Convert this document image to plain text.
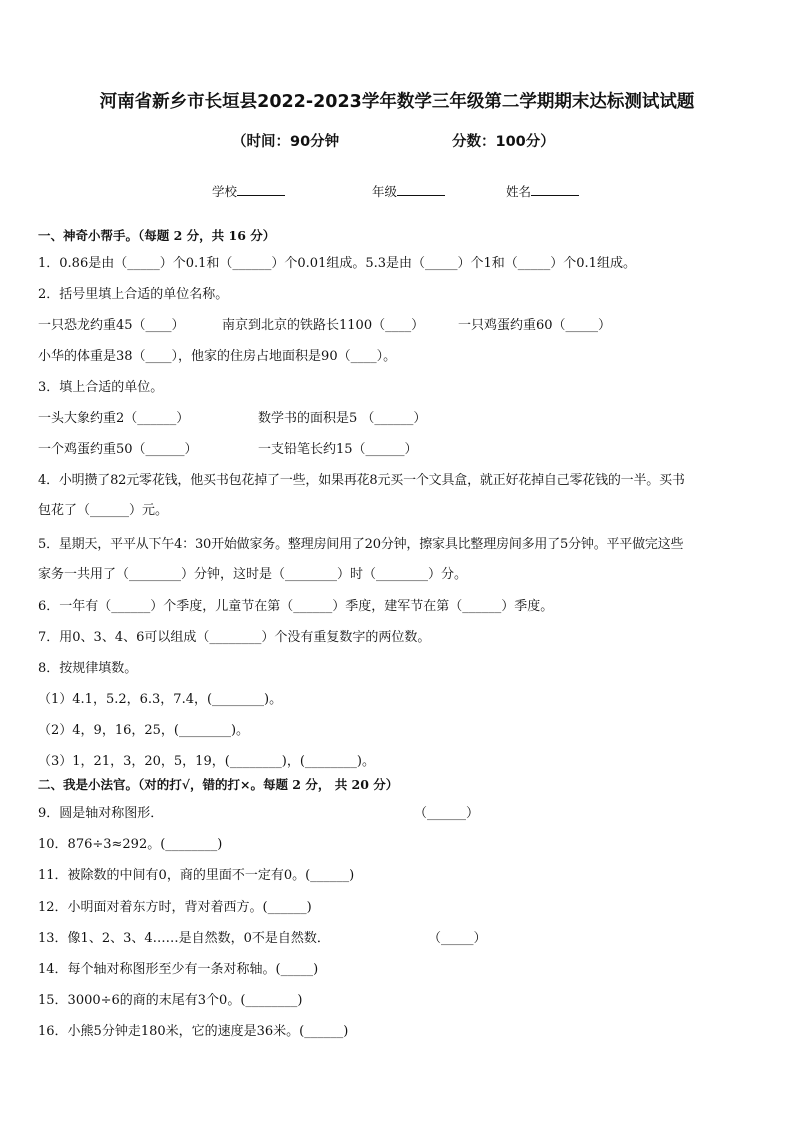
河南省新乡市长垣县2022-2023学年数学三年级第二学期期末达标测试试题
（时间：90分钟	分数：100分）
学校	年级	姓名
一、神奇小帮手。（每题 2 分，共 16 分）
1．0.86是由（_____）个0.1和（______）个0.01组成。5.3是由（_____）个1和（_____）个0.1组成。
2．括号里填上合适的单位名称。
一只恐龙约重45（____）	南京到北京的铁路长1100（____）	一只鸡蛋约重60（_____）
小华的体重是38（____），他家的住房占地面积是90（____）。
3．填上合适的单位。
一头大象约重2（______）	数学书的面积是5 （______）
一个鸡蛋约重50（______）	一支铅笔长约15（______）
4．小明攒了82元零花钱，他买书包花掉了一些，如果再花8元买一个文具盒，就正好花掉自己零花钱的一半。买书
包花了（______）元。
5．星期天，平平从下午4：30开始做家务。整理房间用了20分钟，擦家具比整理房间多用了5分钟。平平做完这些
家务一共用了（________）分钟，这时是（________）时（________）分。
6．一年有（______）个季度，儿童节在第（______）季度，建军节在第（______）季度。
7．用0、3、4、6可以组成（________）个没有重复数字的两位数。
8．按规律填数。
（1）4.1，5.2，6.3，7.4，(________)。
（2）4，9，16，25，(________)。
（3）1，21，3，20，5，19，(________)，(________)。
二、我是小法官。（对的打√，错的打×。每题 2 分， 共 20 分）
9．圆是轴对称图形．	（______）
10．876÷3≈292。(________)
11．被除数的中间有0，商的里面不一定有0。(______)
12．小明面对着东方时，背对着西方。(______)
13．像1、2、3、4……是自然数，0不是自然数．	（_____）
14．每个轴对称图形至少有一条对称轴。(_____)
15．3000÷6的商的末尾有3个0。(________)
16．小熊5分钟走180米，它的速度是36米。(______)
